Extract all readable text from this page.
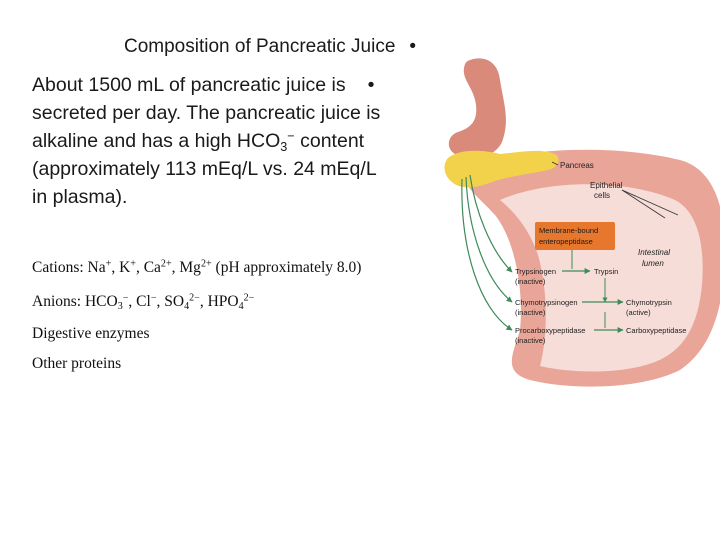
Composition of Pancreatic Juice •
About 1500 mL of pancreatic juice is •
secreted per day. The pancreatic juice is
alkaline and has a high $HCO_3^-$ content
(approximately 113 mEq/L vs. 24 mEq/L
in plasma).
Cations: Na+, K+, $Ca^{2+}$, $Mg^{2+}$ (pH approximately 8.0)
Anions: $HCO_3^-$, Cl−, $SO_4^{2-}$, $HPO_4^{2-}$
Digestive enzymes
Other proteins
Pancreas
Epithelial
cells
Membrane-bound
enteropeptidase
Intestinal
lumen
Trypsinogen
(inactive)
Trypsin
Chymotrypsinogen
(inactive)
Chymotrypsin
(active)
Procarboxypeptidase
(inactive)
Carboxypeptidase
